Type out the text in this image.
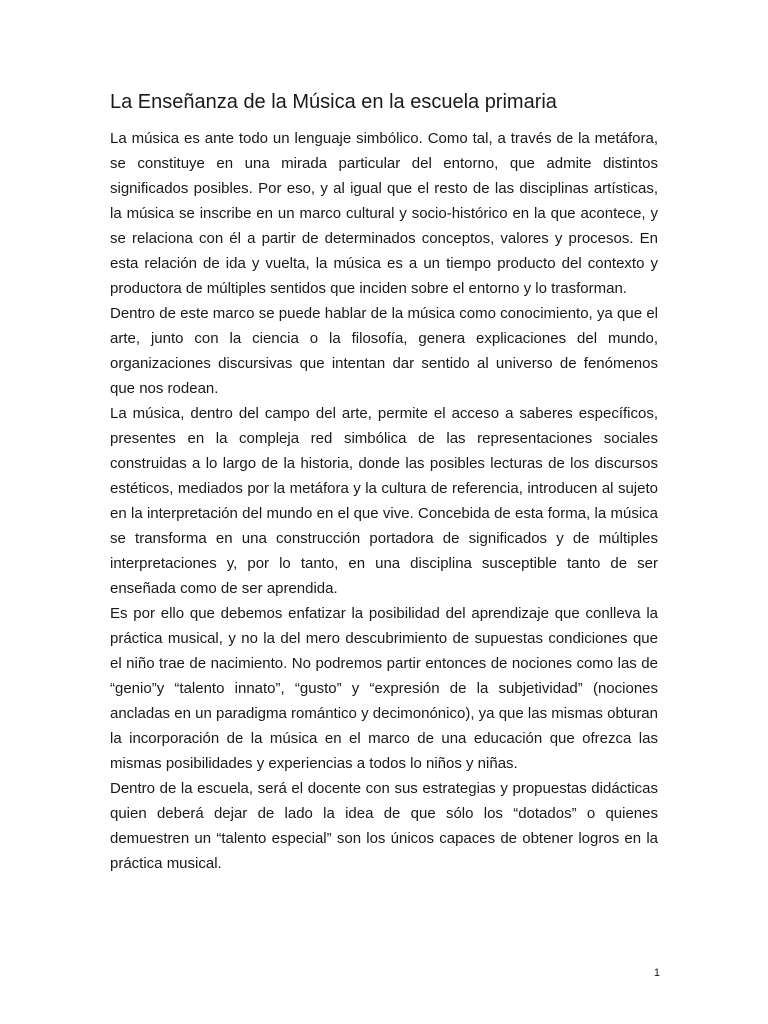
La Enseñanza de la Música en la escuela primaria

La música es ante todo un lenguaje simbólico. Como tal, a través de la metáfora, se constituye en una mirada particular del entorno, que admite distintos significados posibles. Por eso, y al igual que el resto de las disciplinas artísticas, la música se inscribe en un marco cultural y socio-histórico en la que acontece, y se relaciona con él a partir de determinados conceptos, valores y procesos. En esta relación de ida y vuelta, la música es a un tiempo producto del contexto y productora de múltiples sentidos que inciden sobre el entorno y lo trasforman.

Dentro de este marco se puede hablar de la música como conocimiento, ya que el arte, junto con la ciencia o la filosofía, genera explicaciones del mundo, organizaciones discursivas que intentan dar sentido al universo de fenómenos que nos rodean.

La música, dentro del campo del arte, permite el acceso a saberes específicos, presentes en la compleja red simbólica de las representaciones sociales construidas a lo largo de la historia, donde las posibles lecturas de los discursos estéticos, mediados por la metáfora y la cultura de referencia, introducen al sujeto en la interpretación del mundo en el que vive. Concebida de esta forma, la música se transforma en una construcción portadora de significados y de múltiples interpretaciones y, por lo tanto, en una disciplina susceptible tanto de ser enseñada como de ser aprendida.

Es por ello que debemos enfatizar la posibilidad del aprendizaje que conlleva la práctica musical, y no la del mero descubrimiento de supuestas condiciones que el niño trae de nacimiento. No podremos partir entonces de nociones como las de “genio”y “talento innato”, “gusto” y “expresión de la subjetividad” (nociones ancladas en un paradigma romántico y decimonónico), ya que las mismas obturan la incorporación de la música en el marco de una educación que ofrezca las mismas posibilidades y experiencias a todos lo niños y niñas.

Dentro de la escuela, será el docente con sus estrategias y propuestas didácticas quien deberá dejar de lado la idea de que sólo los “dotados” o quienes demuestren un “talento especial” son los únicos capaces de obtener logros en la práctica musical.

1
